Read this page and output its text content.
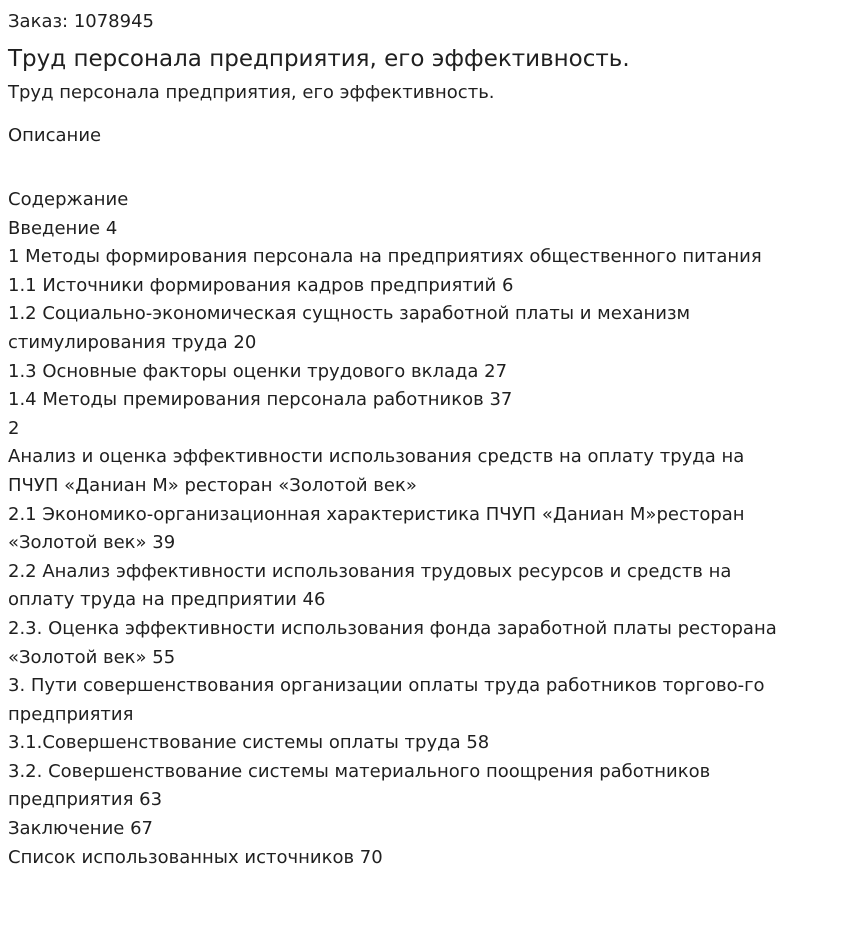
Заказ: 1078945

Труд персонала предприятия, его эффективность.

Труд персонала предприятия, его эффективность.

Описание

Содержание
Введение 4
1 Методы формирования персонала на предприятиях общественного питания
1.1 Источники формирования кадров предприятий 6
1.2 Социально-экономическая сущность заработной платы и механизм
стимулирования труда 20
1.3 Основные факторы оценки трудового вклада 27
1.4 Методы премирования персонала работников 37
2
Анализ и оценка эффективности использования средств на оплату труда на
ПЧУП «Даниан М» ресторан «Золотой век»
2.1 Экономико-организационная характеристика ПЧУП «Даниан М»ресторан
«Золотой век» 39
2.2 Анализ эффективности использования трудовых ресурсов и средств на
оплату труда на предприятии 46
2.3. Оценка эффективности использования фонда заработной платы ресторана
«Золотой век» 55
3. Пути совершенствования организации оплаты труда работников торгово-го
предприятия
3.1.Совершенствование системы оплаты труда 58
3.2. Совершенствование системы материального поощрения работников
предприятия 63
Заключение 67
Список использованных источников 70
